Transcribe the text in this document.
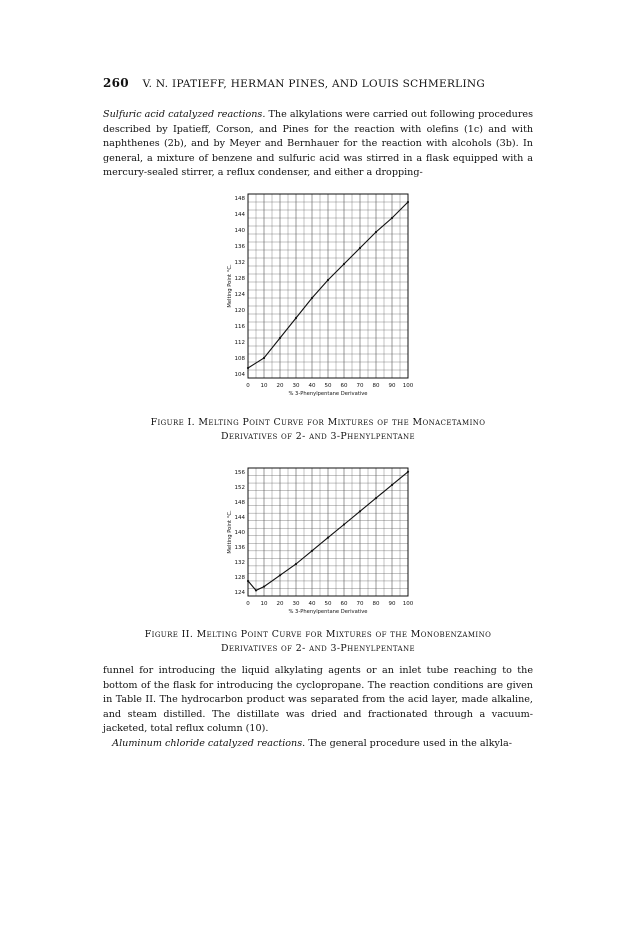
260 V. N. IPATIEFF, HERMAN PINES, AND LOUIS SCHMERLING
Sulfuric acid catalyzed reactions. The alkylations were carried out following procedures described by Ipatieff, Corson, and Pines for the reaction with olefins (1c) and with naphthenes (2b), and by Meyer and Bernhauer for the reaction with alcohols (3b). In general, a mixture of benzene and sulfuric acid was stirred in a flask equipped with a mercury-sealed stirrer, a reflux condenser, and either a dropping-
0 10 20 30 40 50 60 70 80 90 100
104
108
112
116
120
124
128
132
136
140
144
148
% 3-Phenylpentane Derivative
Melting Point °C.
Figure I. Melting Point Curve for Mixtures of the Monacetamino
Derivatives of 2- and 3-Phenylpentane
0 10 20 30 40 50 60 70 80 90 100
124
128
132
136
140
144
148
152
156
% 3-Phenylpentane Derivative
Melting Point °C.
Figure II. Melting Point Curve for Mixtures of the Monobenzamino
Derivatives of 2- and 3-Phenylpentane
funnel for introducing the liquid alkylating agents or an inlet tube reaching to the bottom of the flask for introducing the cyclopropane. The reaction conditions are given in Table II. The hydrocarbon product was separated from the acid layer, made alkaline, and steam distilled. The distillate was dried and fractionated through a vacuum-jacketed, total reflux column (10).
Aluminum chloride catalyzed reactions. The general procedure used in the alkyla-
